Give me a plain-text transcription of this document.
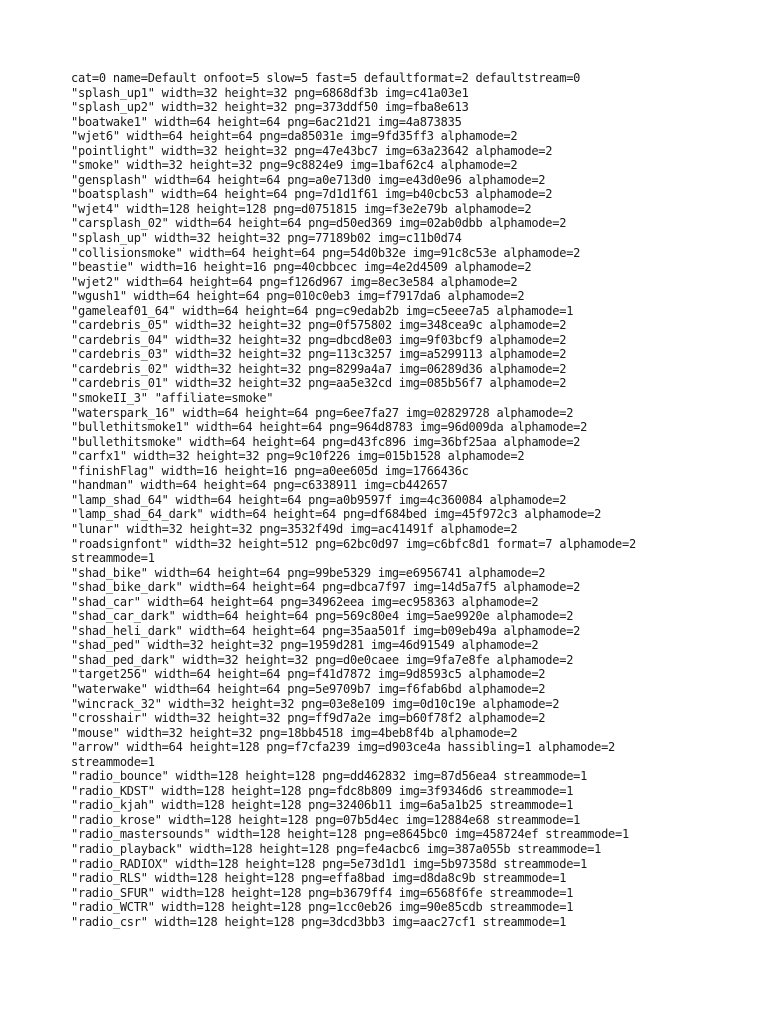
cat=0 name=Default onfoot=5 slow=5 fast=5 defaultformat=2 defaultstream=0
"splash_up1" width=32 height=32 png=6868df3b img=c41a03e1
"splash_up2" width=32 height=32 png=373ddf50 img=fba8e613
"boatwake1" width=64 height=64 png=6ac21d21 img=4a873835
"wjet6" width=64 height=64 png=da85031e img=9fd35ff3 alphamode=2
"pointlight" width=32 height=32 png=47e43bc7 img=63a23642 alphamode=2
"smoke" width=32 height=32 png=9c8824e9 img=1baf62c4 alphamode=2
"gensplash" width=64 height=64 png=a0e713d0 img=e43d0e96 alphamode=2
"boatsplash" width=64 height=64 png=7d1d1f61 img=b40cbc53 alphamode=2
"wjet4" width=128 height=128 png=d0751815 img=f3e2e79b alphamode=2
"carsplash_02" width=64 height=64 png=d50ed369 img=02ab0dbb alphamode=2
"splash_up" width=32 height=32 png=77189b02 img=c11b0d74
"collisionsmoke" width=64 height=64 png=54d0b32e img=91c8c53e alphamode=2
"beastie" width=16 height=16 png=40cbbcec img=4e2d4509 alphamode=2
"wjet2" width=64 height=64 png=f126d967 img=8ec3e584 alphamode=2
"wgush1" width=64 height=64 png=010c0eb3 img=f7917da6 alphamode=2
"gameleaf01_64" width=64 height=64 png=c9edab2b img=c5eee7a5 alphamode=1
"cardebris_05" width=32 height=32 png=0f575802 img=348cea9c alphamode=2
"cardebris_04" width=32 height=32 png=dbcd8e03 img=9f03bcf9 alphamode=2
"cardebris_03" width=32 height=32 png=113c3257 img=a5299113 alphamode=2
"cardebris_02" width=32 height=32 png=8299a4a7 img=06289d36 alphamode=2
"cardebris_01" width=32 height=32 png=aa5e32cd img=085b56f7 alphamode=2
"smokeII_3" "affiliate=smoke"
"waterspark_16" width=64 height=64 png=6ee7fa27 img=02829728 alphamode=2
"bullethitsmoke1" width=64 height=64 png=964d8783 img=96d009da alphamode=2
"bullethitsmoke" width=64 height=64 png=d43fc896 img=36bf25aa alphamode=2
"carfx1" width=32 height=32 png=9c10f226 img=015b1528 alphamode=2
"finishFlag" width=16 height=16 png=a0ee605d img=1766436c
"handman" width=64 height=64 png=c6338911 img=cb442657
"lamp_shad_64" width=64 height=64 png=a0b9597f img=4c360084 alphamode=2
"lamp_shad_64_dark" width=64 height=64 png=df684bed img=45f972c3 alphamode=2
"lunar" width=32 height=32 png=3532f49d img=ac41491f alphamode=2
"roadsignfont" width=32 height=512 png=62bc0d97 img=c6bfc8d1 format=7 alphamode=2
streammode=1
"shad_bike" width=64 height=64 png=99be5329 img=e6956741 alphamode=2
"shad_bike_dark" width=64 height=64 png=dbca7f97 img=14d5a7f5 alphamode=2
"shad_car" width=64 height=64 png=34962eea img=ec958363 alphamode=2
"shad_car_dark" width=64 height=64 png=569c80e4 img=5ae9920e alphamode=2
"shad_heli_dark" width=64 height=64 png=35aa501f img=b09eb49a alphamode=2
"shad_ped" width=32 height=32 png=1959d281 img=46d91549 alphamode=2
"shad_ped_dark" width=32 height=32 png=d0e0caee img=9fa7e8fe alphamode=2
"target256" width=64 height=64 png=f41d7872 img=9d8593c5 alphamode=2
"waterwake" width=64 height=64 png=5e9709b7 img=f6fab6bd alphamode=2
"wincrack_32" width=32 height=32 png=03e8e109 img=0d10c19e alphamode=2
"crosshair" width=32 height=32 png=ff9d7a2e img=b60f78f2 alphamode=2
"mouse" width=32 height=32 png=18bb4518 img=4beb8f4b alphamode=2
"arrow" width=64 height=128 png=f7cfa239 img=d903ce4a hassibling=1 alphamode=2
streammode=1
"radio_bounce" width=128 height=128 png=dd462832 img=87d56ea4 streammode=1
"radio_KDST" width=128 height=128 png=fdc8b809 img=3f9346d6 streammode=1
"radio_kjah" width=128 height=128 png=32406b11 img=6a5a1b25 streammode=1
"radio_krose" width=128 height=128 png=07b5d4ec img=12884e68 streammode=1
"radio_mastersounds" width=128 height=128 png=e8645bc0 img=458724ef streammode=1
"radio_playback" width=128 height=128 png=fe4acbc6 img=387a055b streammode=1
"radio_RADIOX" width=128 height=128 png=5e73d1d1 img=5b97358d streammode=1
"radio_RLS" width=128 height=128 png=effa8bad img=d8da8c9b streammode=1
"radio_SFUR" width=128 height=128 png=b3679ff4 img=6568f6fe streammode=1
"radio_WCTR" width=128 height=128 png=1cc0eb26 img=90e85cdb streammode=1
"radio_csr" width=128 height=128 png=3dcd3bb3 img=aac27cf1 streammode=1
